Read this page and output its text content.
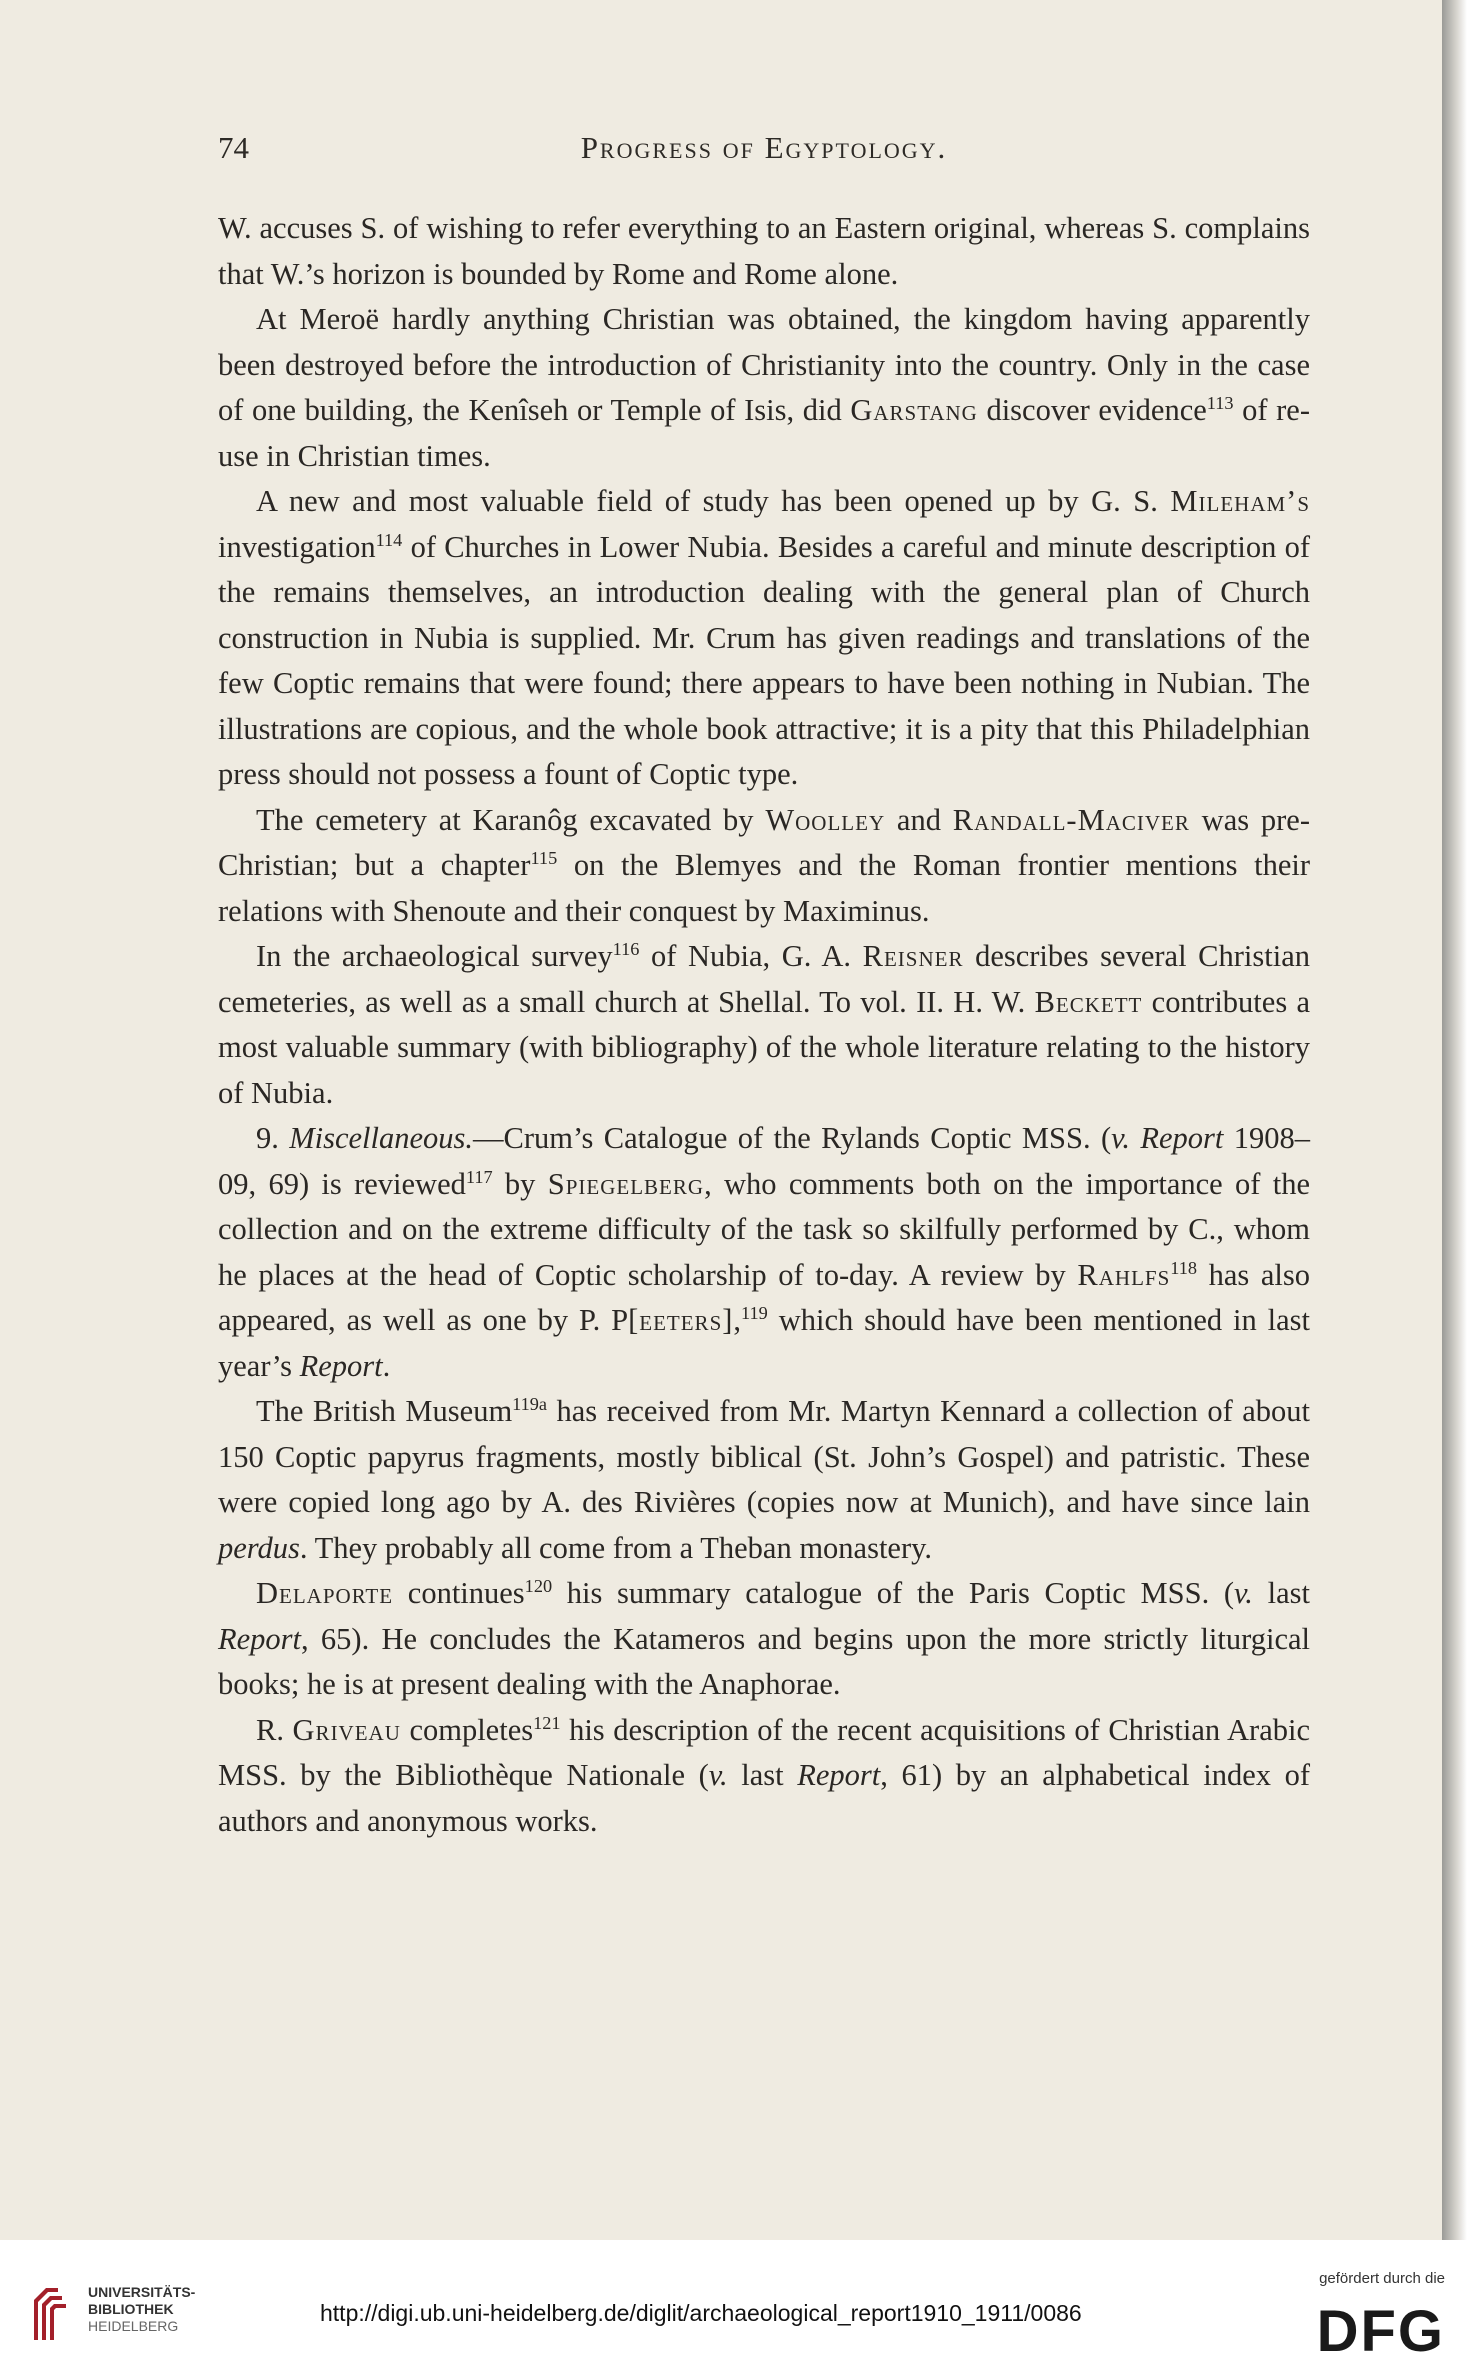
74	Progress of Egyptology.

W. accuses S. of wishing to refer everything to an Eastern original, whereas S. complains that W.’s horizon is bounded by Rome and Rome alone.

At Meroë hardly anything Christian was obtained, the kingdom having apparently been destroyed before the introduction of Christianity into the country. Only in the case of one building, the Kenîseh or Temple of Isis, did Garstang discover evidence$^{113}$ of re-use in Christian times.

A new and most valuable field of study has been opened up by G. S. Mileham’s investigation$^{114}$ of Churches in Lower Nubia. Besides a careful and minute description of the remains themselves, an introduction dealing with the general plan of Church construction in Nubia is supplied. Mr. Crum has given readings and translations of the few Coptic remains that were found; there appears to have been nothing in Nubian. The illustrations are copious, and the whole book attractive; it is a pity that this Philadelphian press should not possess a fount of Coptic type.

The cemetery at Karanôg excavated by Woolley and Randall-Maciver was pre-Christian; but a chapter$^{115}$ on the Blemyes and the Roman frontier mentions their relations with Shenoute and their conquest by Maximinus.

In the archaeological survey$^{116}$ of Nubia, G. A. Reisner describes several Christian cemeteries, as well as a small church at Shellal. To vol. II. H. W. Beckett contributes a most valuable summary (with bibliography) of the whole literature relating to the history of Nubia.

9. Miscellaneous.—Crum’s Catalogue of the Rylands Coptic MSS. (v. Report 1908–09, 69) is reviewed$^{117}$ by Spiegelberg, who comments both on the importance of the collection and on the extreme difficulty of the task so skilfully performed by C., whom he places at the head of Coptic scholarship of to-day. A review by Rahlfs$^{118}$ has also appeared, as well as one by P. P[eeters],$^{119}$ which should have been mentioned in last year’s Report.

The British Museum$^{119a}$ has received from Mr. Martyn Kennard a collection of about 150 Coptic papyrus fragments, mostly biblical (St. John’s Gospel) and patristic. These were copied long ago by A. des Rivières (copies now at Munich), and have since lain perdus. They probably all come from a Theban monastery.

Delaporte continues$^{120}$ his summary catalogue of the Paris Coptic MSS. (v. last Report, 65). He concludes the Katameros and begins upon the more strictly liturgical books; he is at present dealing with the Anaphorae.

R. Griveau completes$^{121}$ his description of the recent acquisitions of Christian Arabic MSS. by the Bibliothèque Nationale (v. last Report, 61) by an alphabetical index of authors and anonymous works.

UNIVERSITÄTS-
BIBLIOTHEK
HEIDELBERG	http://digi.ub.uni-heidelberg.de/diglit/archaeological_report1910_1911/0086
gefördert durch die
DFG
